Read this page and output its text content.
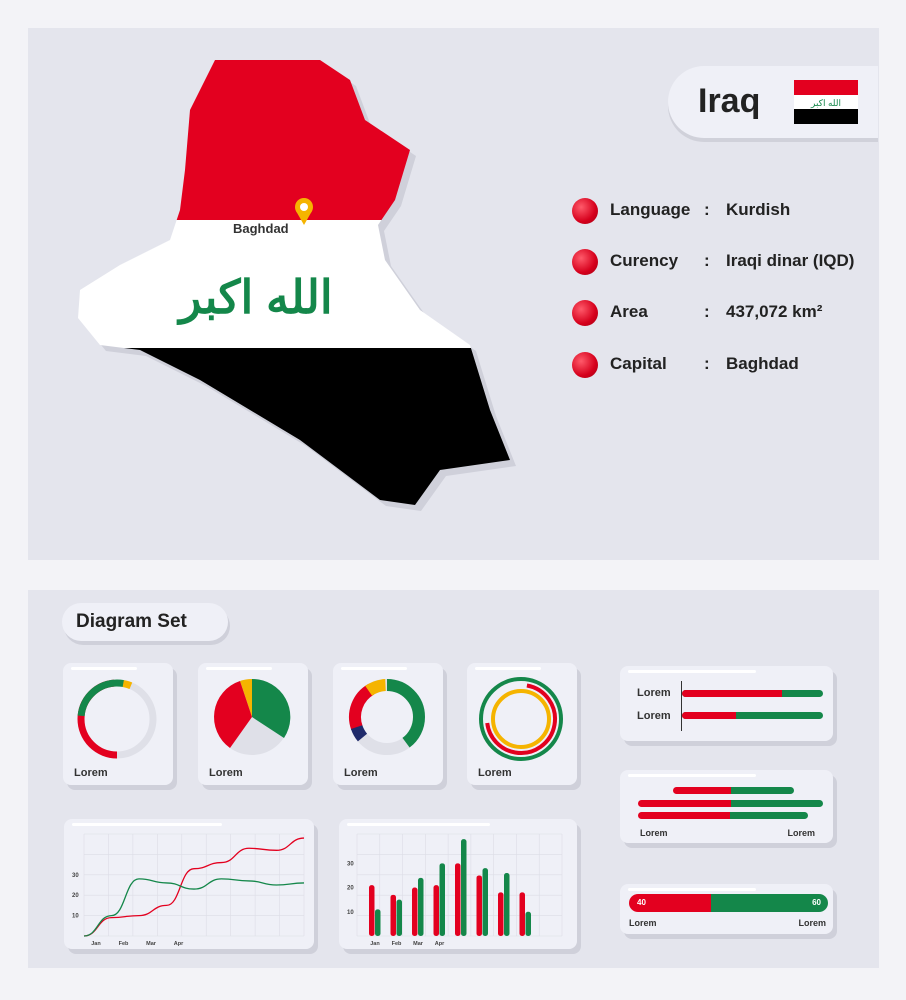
الله اكبر
Baghdad
Iraq	الله اكبر
Language : Kurdish
Curency : Iraqi dinar (IQD)
Area	: 437,072 km²
Capital : Baghdad
Diagram Set
Lorem	Lorem	Lorem	Lorem
Lorem
Lorem
Lorem	Lorem
40	60
Lorem	Lorem
10
20
30
Jan	Feb	Mar	Apr
10
20
30
Jan Feb Mar Apr
